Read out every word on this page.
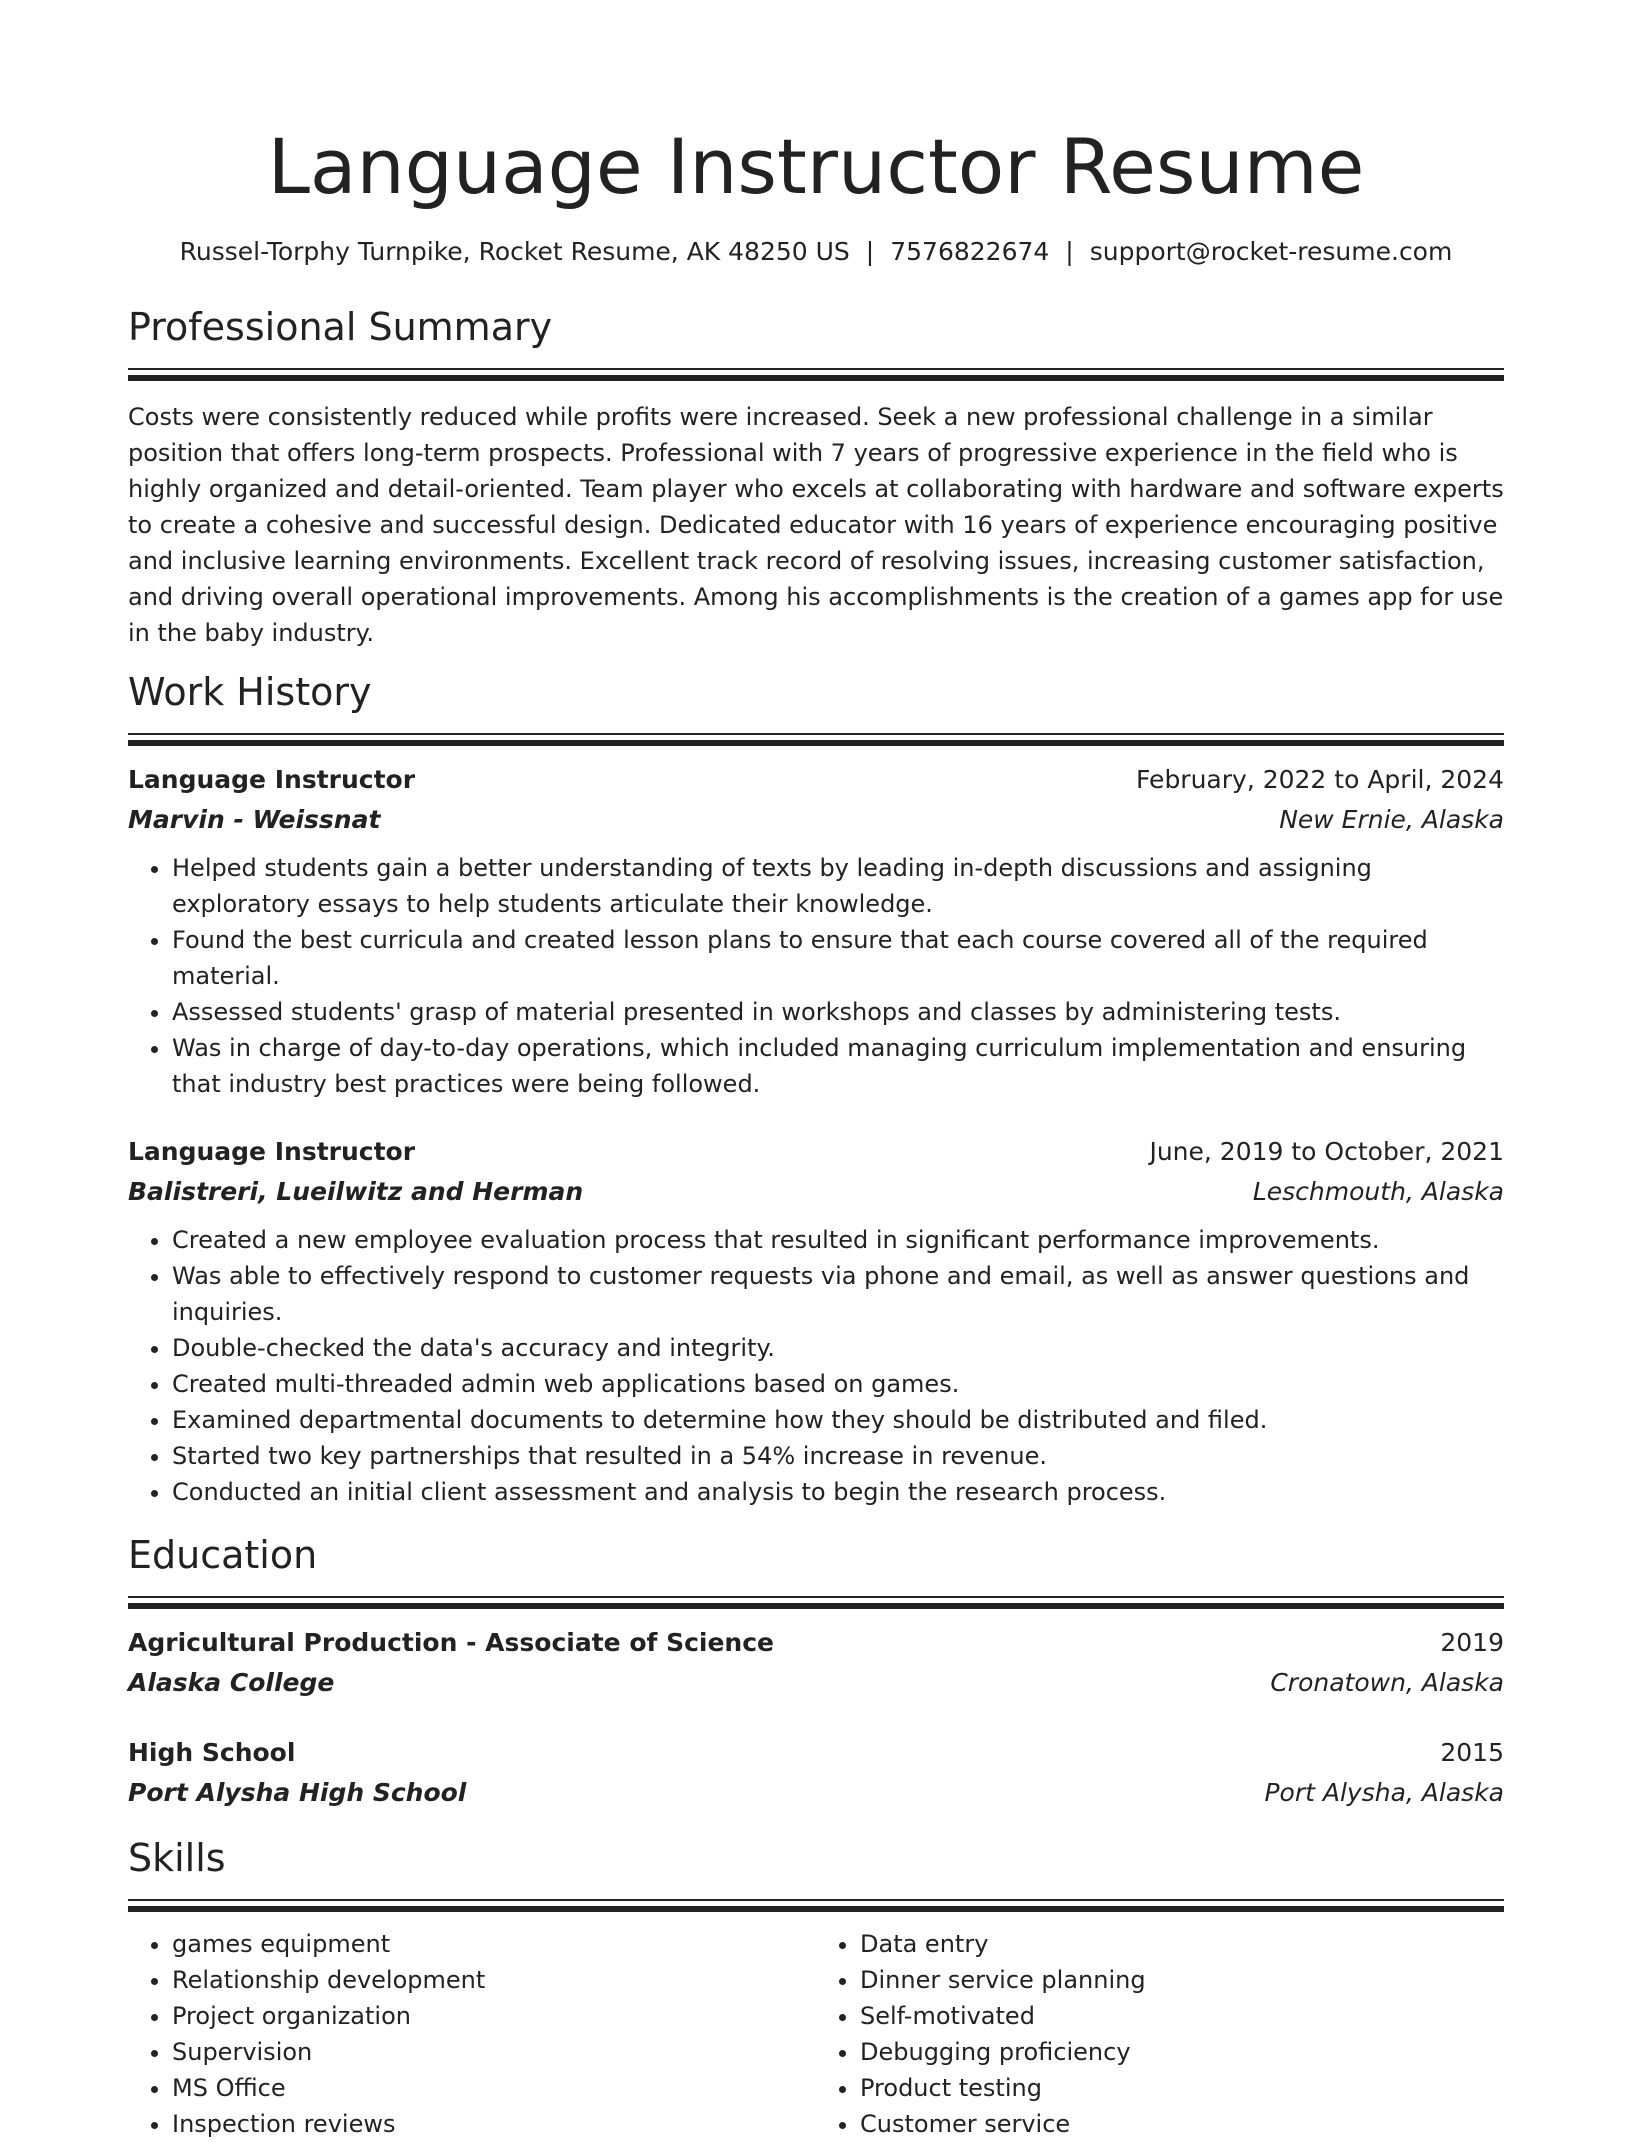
Language Instructor Resume
Russel-Torphy Turnpike, Rocket Resume, AK 48250 US | 7576822674 | support@rocket-resume.com
Professional Summary

Costs were consistently reduced while profits were increased. Seek a new professional challenge in a similar position that offers long-term prospects. Professional with 7 years of progressive experience in the field who is highly organized and detail-oriented. Team player who excels at collaborating with hardware and software experts to create a cohesive and successful design. Dedicated educator with 16 years of experience encouraging positive and inclusive learning environments. Excellent track record of resolving issues, increasing customer satisfaction, and driving overall operational improvements. Among his accomplishments is the creation of a games app for use in the baby industry.

Work History
Language Instructor	February, 2022 to April, 2024
Marvin - Weissnat	New Ernie, Alaska
• Helped students gain a better understanding of texts by leading in-depth discussions and assigning exploratory essays to help students articulate their knowledge.
• Found the best curricula and created lesson plans to ensure that each course covered all of the required material.
• Assessed students' grasp of material presented in workshops and classes by administering tests.
• Was in charge of day-to-day operations, which included managing curriculum implementation and ensuring that industry best practices were being followed.
Language Instructor	June, 2019 to October, 2021
Balistreri, Lueilwitz and Herman	Leschmouth, Alaska
• Created a new employee evaluation process that resulted in significant performance improvements.
• Was able to effectively respond to customer requests via phone and email, as well as answer questions and inquiries.
• Double-checked the data's accuracy and integrity.
• Created multi-threaded admin web applications based on games.
• Examined departmental documents to determine how they should be distributed and filed.
• Started two key partnerships that resulted in a 54% increase in revenue.
• Conducted an initial client assessment and analysis to begin the research process.
Education
Agricultural Production - Associate of Science	2019
Alaska College	Cronatown, Alaska
High School	2015
Port Alysha High School	Port Alysha, Alaska
Skills
• games equipment
• Relationship development
• Project organization
• Supervision
• MS Office
• Inspection reviews
• Data entry
• Dinner service planning
• Self-motivated
• Debugging proficiency
• Product testing
• Customer service
